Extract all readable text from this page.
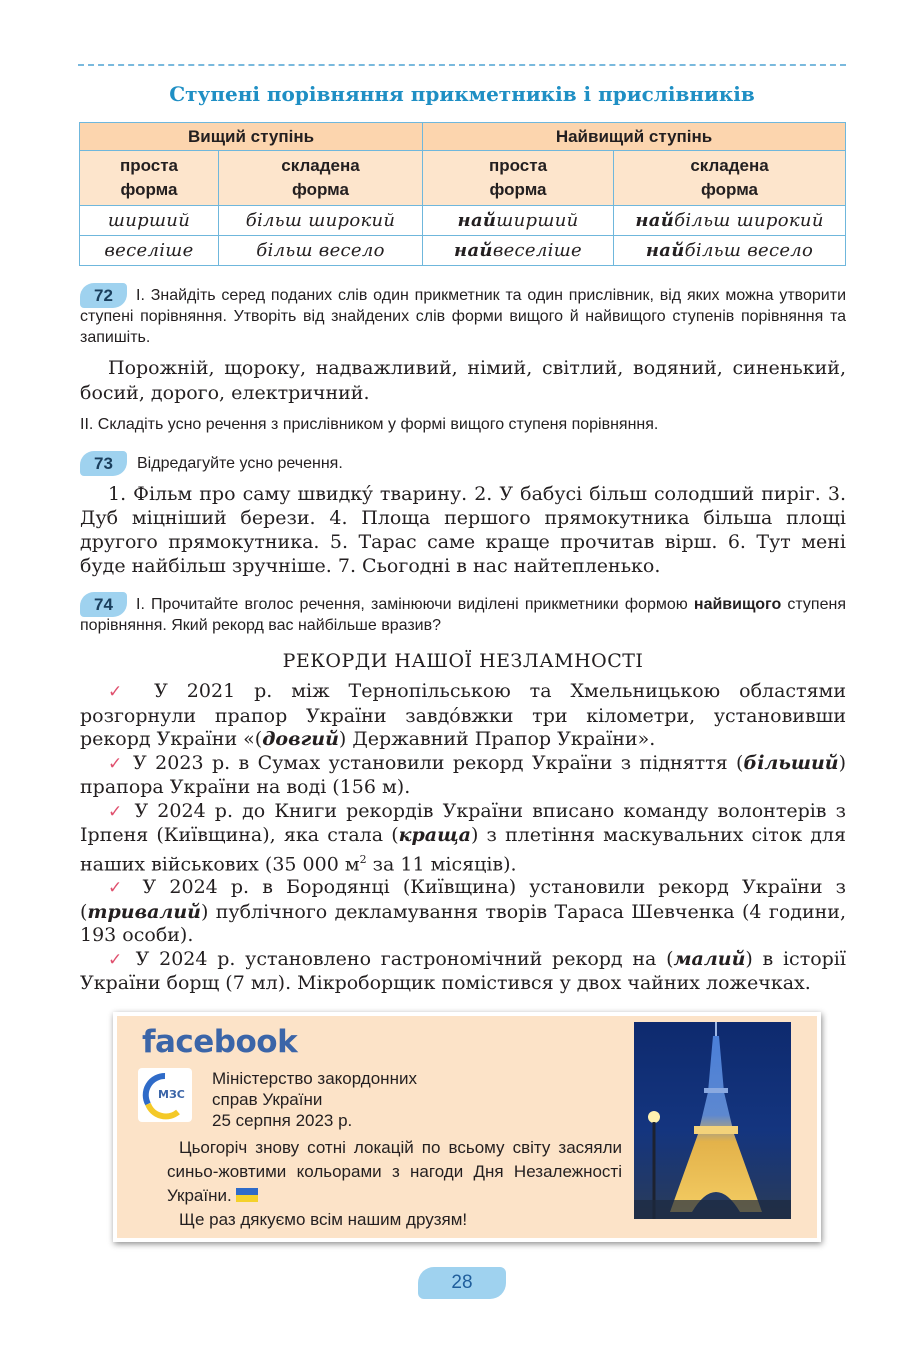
Ступені порівняння прикметників і прислівників
Вищий ступінь		Найвищий ступінь	
проста форма	складена форма	проста форма	складена форма
ширший	більш широкий	найширший	найбільш широкий
веселіше	більш весело	найвеселіше	найбільш весело
72	І. Знайдіть серед поданих слів один прикметник та один прислівник, від яких можна утворити ступені порівняння. Утворіть від знайдених слів форми вищого й найвищого ступенів порівняння та запишіть.
Порожній, щороку, надважливий, німий, світлий, водяний, синенький, босий, дорого, електричний.
ІІ. Складіть усно речення з прислівником у формі вищого ступеня порівняння.
73	Відредагуйте усно речення.

1. Фільм про саму швидкý тварину. 2. У бабусі більш солодший пиріг. 3. Дуб міцніший берези. 4. Площа першого прямокутника більша площі другого прямокутника. 5. Тарас саме краще прочитав вірш. 6. Тут мені буде найбільш зручніше. 7. Сьогодні в нас найтепленько.

74	І. Прочитайте вголос речення, замінюючи виділені прикметники формою найвищого ступеня порівняння. Який рекорд вас найбільше вразив?
РЕКОРДИ НАШОЇ НЕЗЛАМНОСТІ

✓ У 2021 р. між Тернопільською та Хмельницькою областями розгорнули прапор України завдóвжки три кілометри, установивши рекорд України «(довгий) Державний Прапор України».

✓ У 2023 р. в Сумах установили рекорд України з підняття (більший) прапора України на воді (156 м).

✓ У 2024 р. до Книги рекордів України вписано команду волонтерів з Ірпеня (Київщина), яка стала (краща) з плетіння маскувальних сіток для наших військових (35 000 $м^2$ за 11 місяців).

✓ У 2024 р. в Бородянці (Київщина) установили рекорд України з (тривалий) публічного декламування творів Тараса Шевченка (4 години, 193 особи).

✓ У 2024 р. установлено гастрономічний рекорд на (малий) в історії України борщ (7 мл). Мікроборщик помістився у двох чайних ложечках.

facebook
МЗС
Міністерство закордонних
справ України
25 серпня 2023 р.
Цьогоріч знову сотні локацій по всьому світу засяяли синьо-жовтими кольорами з нагоди Дня Незалежності України.
Ще раз дякуємо всім нашим друзям!
28
